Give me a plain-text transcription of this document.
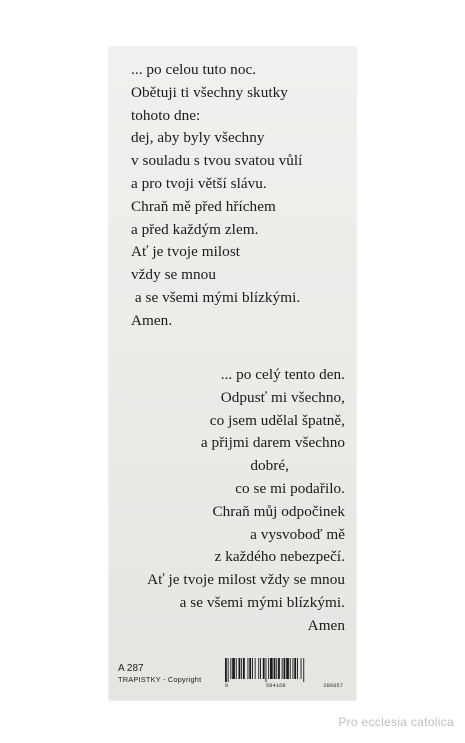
... po celou tuto noc.
Obětuji ti všechny skutky
tohoto dne:
dej, aby byly všechny
v souladu s tvou svatou vůlí
a pro tvoji větší slávu.
Chraň mě před hříchem
a před každým zlem.
Ať je tvoje milost
vždy se mnou
a se všemi mými blízkými.
Amen.
... po celý tento den.
Odpusť mi všechno,
co jsem udělal špatně,
a přijmi darem všechno
dobré,
co se mi podařilo.
Chraň můj odpočinek
a vysvoboď mě
z každého nebezpečí.
Ať je tvoje milost vždy se mnou
a se všemi mými blízkými.
Amen
A 287
TRAPISTKY - Copyright
8	594168	286857
Pro ecclesia catolica
